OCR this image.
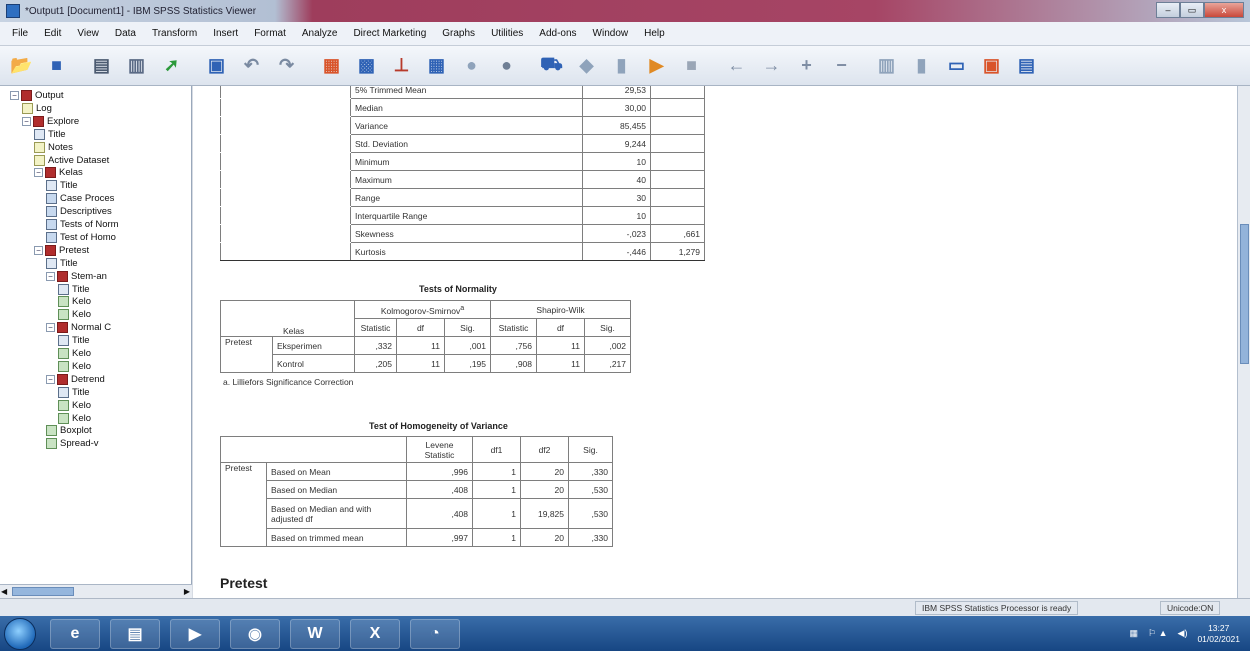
*Output1 [Document1] - IBM SPSS Statistics Viewer	–	▭	x
File Edit View Data Transform Insert Format Analyze Direct Marketing Graphs Utilities Add-ons Window Help
📂	■	▤ ▥	➚	▣	↶	↷	▦ ▩	⊥	▦	●	●	⛟ ◆	▮	▶	■	← →	+	−	▥	▮	▭ ▣ ▤
− Output
Log
− Explore
Title
Notes
Active Dataset
− Kelas
Title
Case Proces
Descriptives
Tests of Norm
Test of Homo
− Pretest
Title
− Stem-an
Title
Kelo
Kelo
− Normal C
Title
Kelo
Kelo
− Detrend
Title
Kelo
Kelo
Boxplot
Spread-v
◀	▶
	5% Trimmed Mean	29,53	
	Median	30,00	
	Variance	85,455	
	Std. Deviation	9,244	
	Minimum	10	
	Maximum	40	
	Range	30	
	Interquartile Range	10	
	Skewness	-,023	,661
	Kurtosis	-,446	1,279
Tests of Normality
Kelas		Kolmogorov-Smirnov$^a$			Shapiro-Wilk		
		Statistic	df	Sig.	Statistic	df	Sig.
Pretest	Eksperimen	,332	11	,001	,756	11	,002
	Kontrol	,205	11	,195	,908	11	,217
a. Lilliefors Significance Correction
Test of Homogeneity of Variance
		Levene Statistic	df1	df2	Sig.
Pretest	Based on Mean	,996	1	20	,330
	Based on Median	,408	1	20	,530
	Based on Median and with adjusted df	,408	1	19,825	,530
	Based on trimmed mean	,997	1	20	,330
Pretest
IBM SPSS Statistics Processor is ready	Unicode:ON
e	▤	▶	◉	W	X	◔	▦ ⚐ ▲ ◀)
13:27
01/02/2021
